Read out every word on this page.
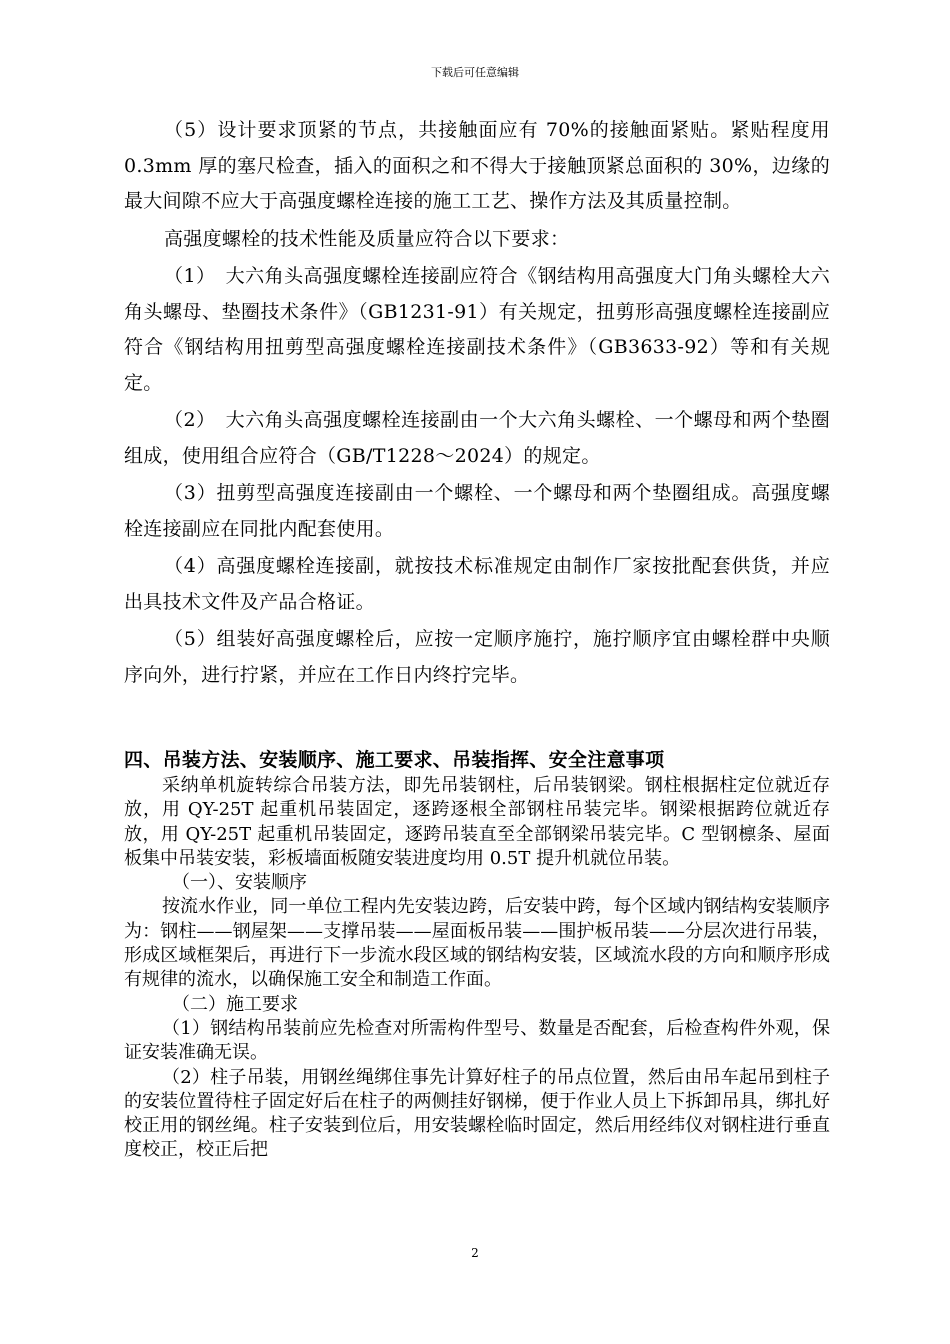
下载后可任意编辑

（5）设计要求顶紧的节点，共接触面应有 70%的接触面紧贴。紧贴程度用 0.3mm 厚的塞尺检查，插入的面积之和不得大于接触顶紧总面积的 30%，边缘的最大间隙不应大于高强度螺栓连接的施工工艺、操作方法及其质量控制。

高强度螺栓的技术性能及质量应符合以下要求：

（1）　大六角头高强度螺栓连接副应符合《钢结构用高强度大门角头螺栓大六角头螺母、垫圈技术条件》（GB1231-91）有关规定，扭剪形高强度螺栓连接副应符合《钢结构用扭剪型高强度螺栓连接副技术条件》（GB3633-92）等和有关规定。

（2）　大六角头高强度螺栓连接副由一个大六角头螺栓、一个螺母和两个垫圈组成，使用组合应符合（GB/T1228～2024）的规定。

（3）扭剪型高强度连接副由一个螺栓、一个螺母和两个垫圈组成。高强度螺栓连接副应在同批内配套使用。

（4）高强度螺栓连接副，就按技术标准规定由制作厂家按批配套供货，并应出具技术文件及产品合格证。

（5）组装好高强度螺栓后，应按一定顺序施拧，施拧顺序宜由螺栓群中央顺序向外，进行拧紧，并应在工作日内终拧完毕。

四、吊装方法、安装顺序、施工要求、吊装指挥、安全注意事项

采纳单机旋转综合吊装方法，即先吊装钢柱，后吊装钢梁。钢柱根据柱定位就近存放，用 QY-25T 起重机吊装固定，逐跨逐根全部钢柱吊装完毕。钢梁根据跨位就近存放，用 QY-25T 起重机吊装固定，逐跨吊装直至全部钢梁吊装完毕。C 型钢檩条、屋面板集中吊装安装，彩板墙面板随安装进度均用 0.5T 提升机就位吊装。

（一）、安装顺序

按流水作业，同一单位工程内先安装边跨，后安装中跨，每个区域内钢结构安装顺序为：钢柱——钢屋架——支撑吊装——屋面板吊装——围护板吊装——分层次进行吊装，形成区域框架后，再进行下一步流水段区域的钢结构安装，区域流水段的方向和顺序形成有规律的流水，以确保施工安全和制造工作面。

（二）施工要求

（1）钢结构吊装前应先检查对所需构件型号、数量是否配套，后检查构件外观，保证安装准确无误。

（2）柱子吊装，用钢丝绳绑住事先计算好柱子的吊点位置，然后由吊车起吊到柱子的安装位置待柱子固定好后在柱子的两侧挂好钢梯，便于作业人员上下拆卸吊具，绑扎好校正用的钢丝绳。柱子安装到位后，用安装螺栓临时固定，然后用经纬仪对钢柱进行垂直度校正，校正后把

2
